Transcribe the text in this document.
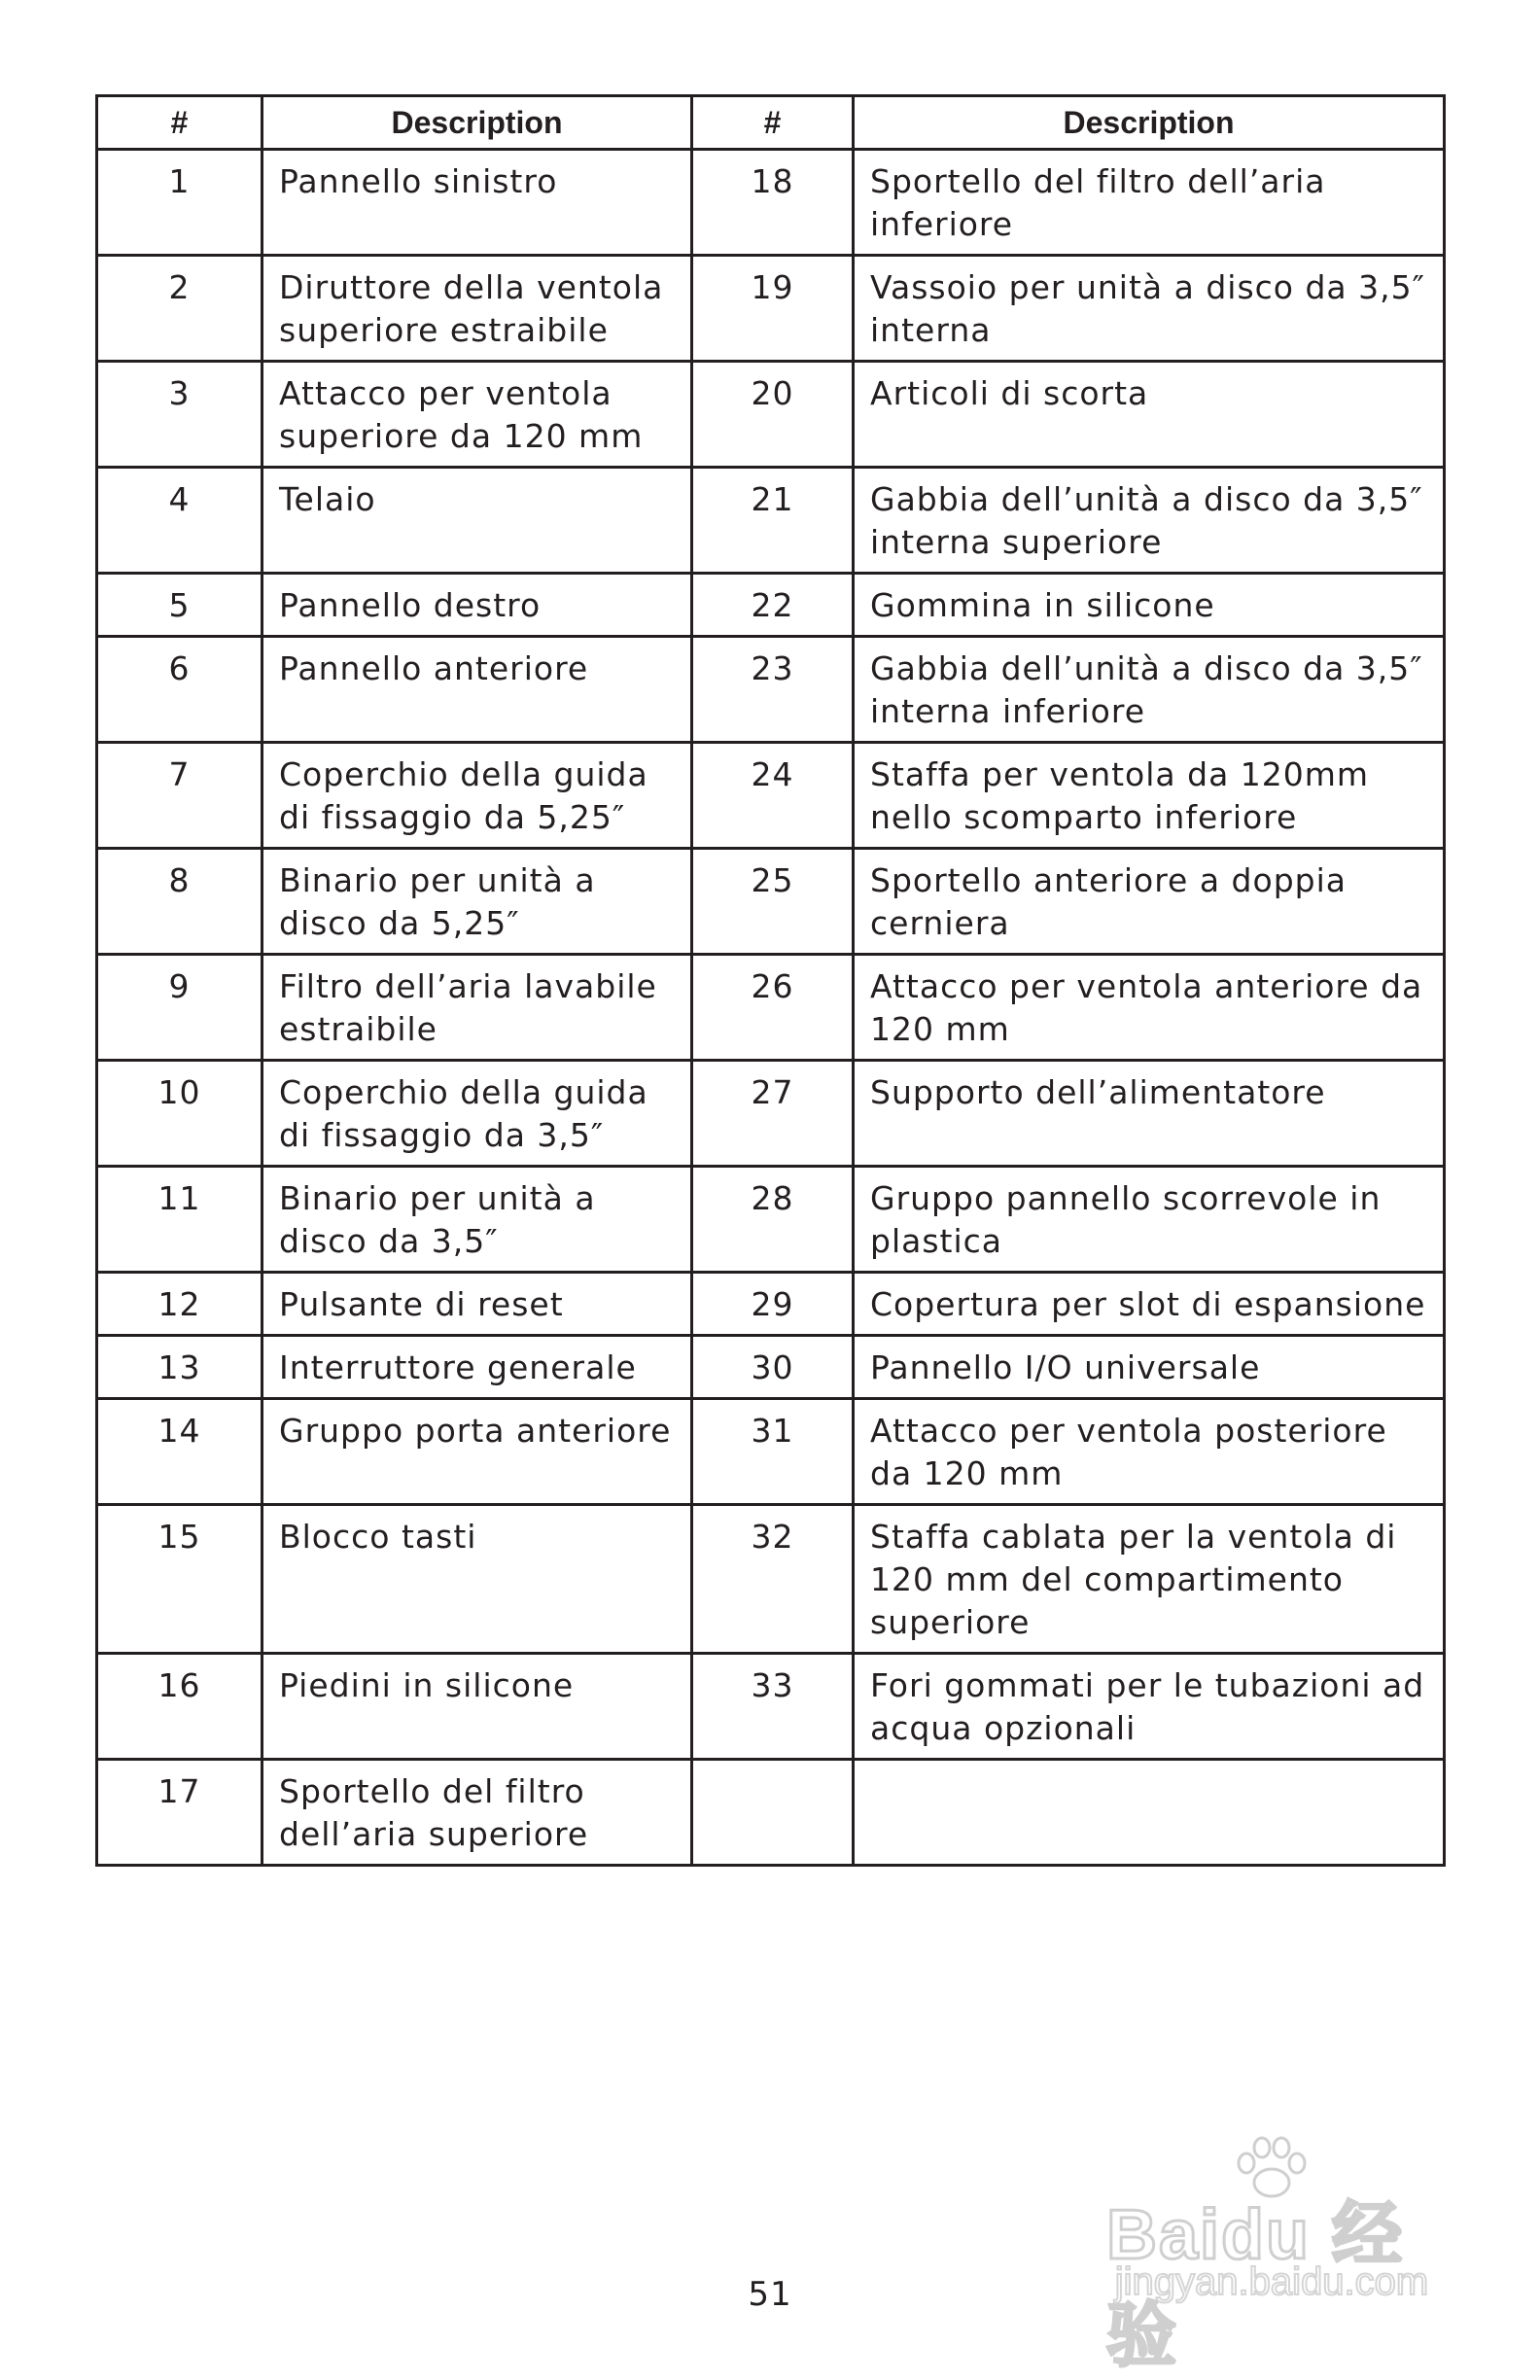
#	Description	#	Description
1	Pannello sinistro	18	Sportello del filtro dell’aria inferiore
2	Diruttore della ventola superiore estraibile	19	Vassoio per unità a disco da 3,5″ interna
3	Attacco per ventola superiore da 120 mm	20	Articoli di scorta
4	Telaio	21	Gabbia dell’unità a disco da 3,5″ interna superiore
5	Pannello destro	22	Gommina in silicone
6	Pannello anteriore	23	Gabbia dell’unità a disco da 3,5″ interna inferiore
7	Coperchio della guida di fissaggio da 5,25″	24	Staffa per ventola da 120mm nello scomparto inferiore
8	Binario per unità a disco da 5,25″	25	Sportello anteriore a doppia cerniera
9	Filtro dell’aria lavabile estraibile	26	Attacco per ventola anteriore da 120 mm
10	Coperchio della guida di fissaggio da 3,5″	27	Supporto dell’alimentatore
11	Binario per unità a disco da 3,5″	28	Gruppo pannello scorrevole in plastica
12	Pulsante di reset	29	Copertura per slot di espansione
13	Interruttore generale	30	Pannello I/O universale
14	Gruppo porta anteriore	31	Attacco per ventola posteriore da 120 mm
15	Blocco tasti	32	Staffa cablata per la ventola di 120 mm del compartimento superiore
16	Piedini in silicone	33	Fori gommati per le tubazioni ad acqua opzionali
17	Sportello del filtro dell’aria superiore		
51
Baidu 经验
jingyan.baidu.com
